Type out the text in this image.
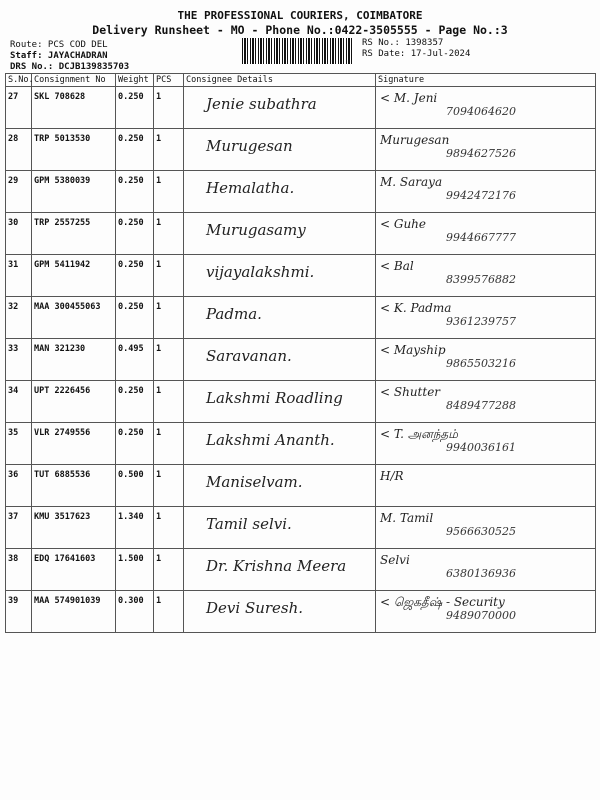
THE PROFESSIONAL COURIERS, COIMBATORE
Delivery Runsheet - MO - Phone No.:0422-3505555 - Page No.:3
Route: PCS COD DEL
Staff: JAYACHADRAN
DRS No.: DCJB139835703
RS No.: 1398357
RS Date: 17-Jul-2024
S.No.	Consignment No	Weight	PCS	Consignee Details	Signature
27	SKL 708628	0.250	1	Jenie subathra	< M. Jeni
7094064620

28	TRP 5013530	0.250	1	Murugesan	Murugesan
9894627526

29	GPM 5380039	0.250	1	Hemalatha.	M. Saraya
9942472176

30	TRP 2557255	0.250	1	Murugasamy	< Guhe
9944667777

31	GPM 5411942	0.250	1	vijayalakshmi.	< Bal
8399576882

32	MAA 300455063	0.250	1	Padma.	< K. Padma
9361239757

33	MAN 321230	0.495	1	Saravanan.	< Mayship
9865503216

34	UPT 2226456	0.250	1	Lakshmi Roadling	< Shutter
8489477288

35	VLR 2749556	0.250	1	Lakshmi Ananth.	< T. அனந்தம்
9940036161

36	TUT 6885536	0.500	1	Maniselvam.	H/R

37	KMU 3517623	1.340	1	Tamil selvi.	M. Tamil
9566630525

38	EDQ 17641603	1.500	1	Dr. Krishna Meera	Selvi
6380136936

39	MAA 574901039	0.300	1	Devi Suresh.	< ஜெகதீஷ் - Security
9489070000
